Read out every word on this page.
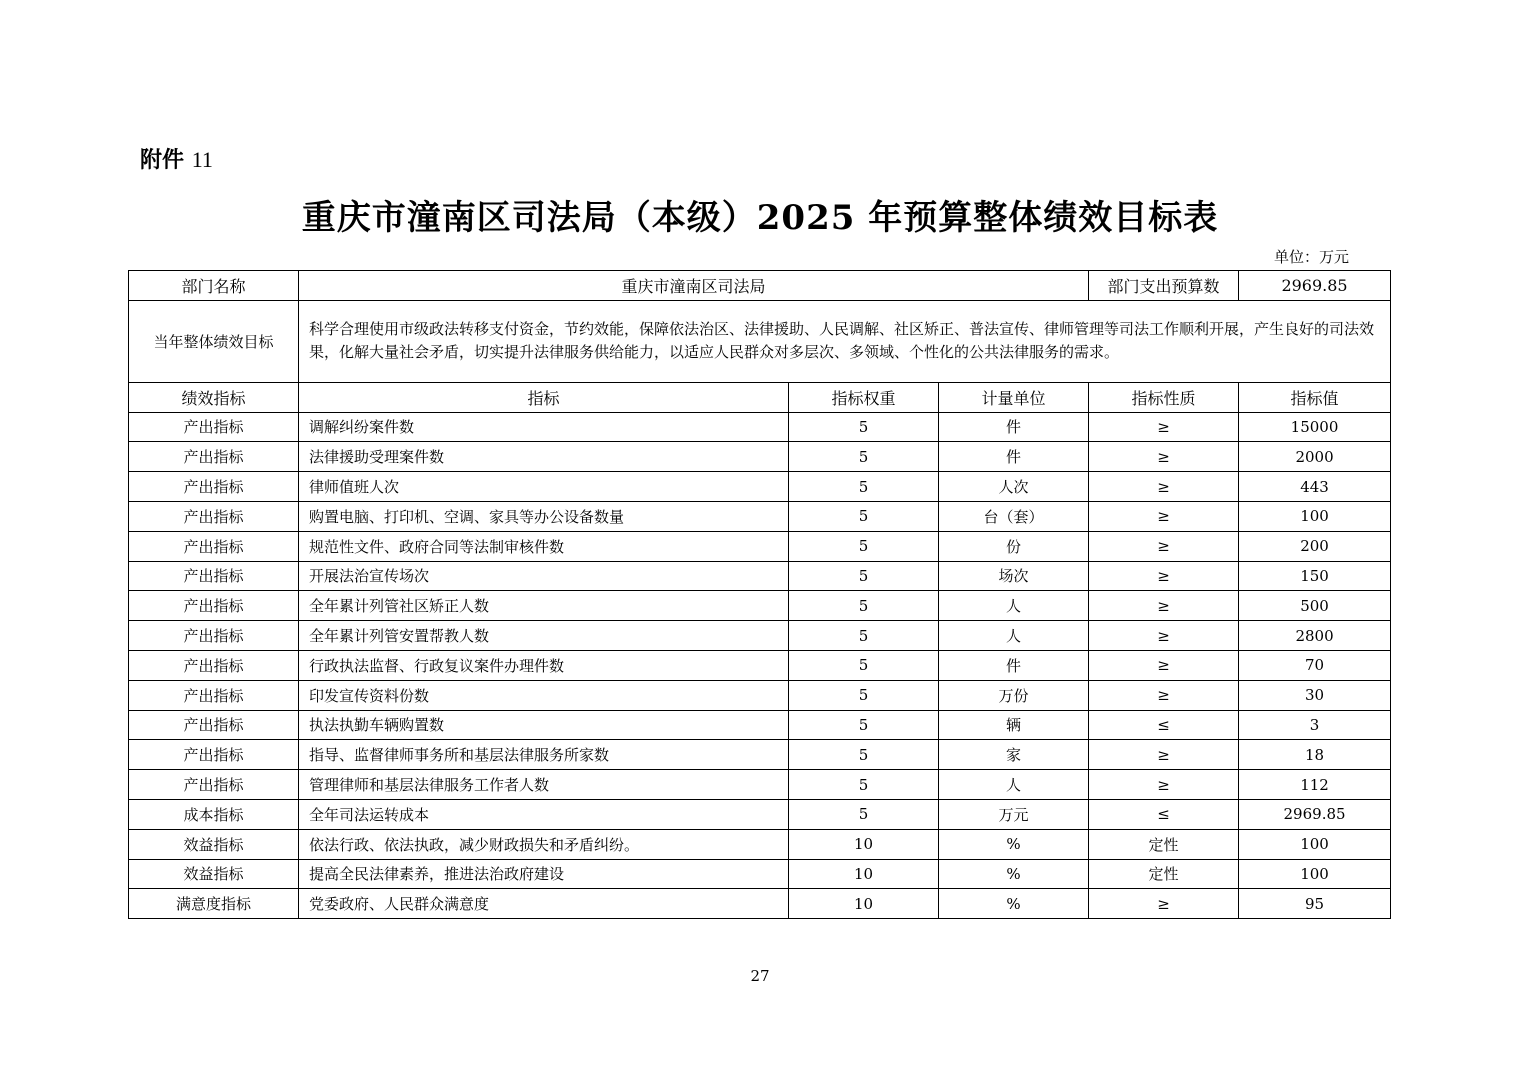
附件 11
重庆市潼南区司法局（本级）2025 年预算整体绩效目标表
单位：万元
部门名称	重庆市潼南区司法局			部门支出预算数	2969.85
当年整体绩效目标	科学合理使用市级政法转移支付资金，节约效能，保障依法治区、法律援助、人民调解、社区矫正、普法宣传、律师管理等司法工作顺利开展，产生良好的司法效果，化解大量社会矛盾，切实提升法律服务供给能力，以适应人民群众对多层次、多领域、个性化的公共法律服务的需求。				
绩效指标	指标	指标权重	计量单位	指标性质	指标值
产出指标	调解纠纷案件数	5	件	≥	15000
产出指标	法律援助受理案件数	5	件	≥	2000
产出指标	律师值班人次	5	人次	≥	443
产出指标	购置电脑、打印机、空调、家具等办公设备数量	5	台（套）	≥	100
产出指标	规范性文件、政府合同等法制审核件数	5	份	≥	200
产出指标	开展法治宣传场次	5	场次	≥	150
产出指标	全年累计列管社区矫正人数	5	人	≥	500
产出指标	全年累计列管安置帮教人数	5	人	≥	2800
产出指标	行政执法监督、行政复议案件办理件数	5	件	≥	70
产出指标	印发宣传资料份数	5	万份	≥	30
产出指标	执法执勤车辆购置数	5	辆	≤	3
产出指标	指导、监督律师事务所和基层法律服务所家数	5	家	≥	18
产出指标	管理律师和基层法律服务工作者人数	5	人	≥	112
成本指标	全年司法运转成本	5	万元	≤	2969.85
效益指标	依法行政、依法执政，减少财政损失和矛盾纠纷。	10	%	定性	100
效益指标	提高全民法律素养，推进法治政府建设	10	%	定性	100
满意度指标	党委政府、人民群众满意度	10	%	≥	95
27
